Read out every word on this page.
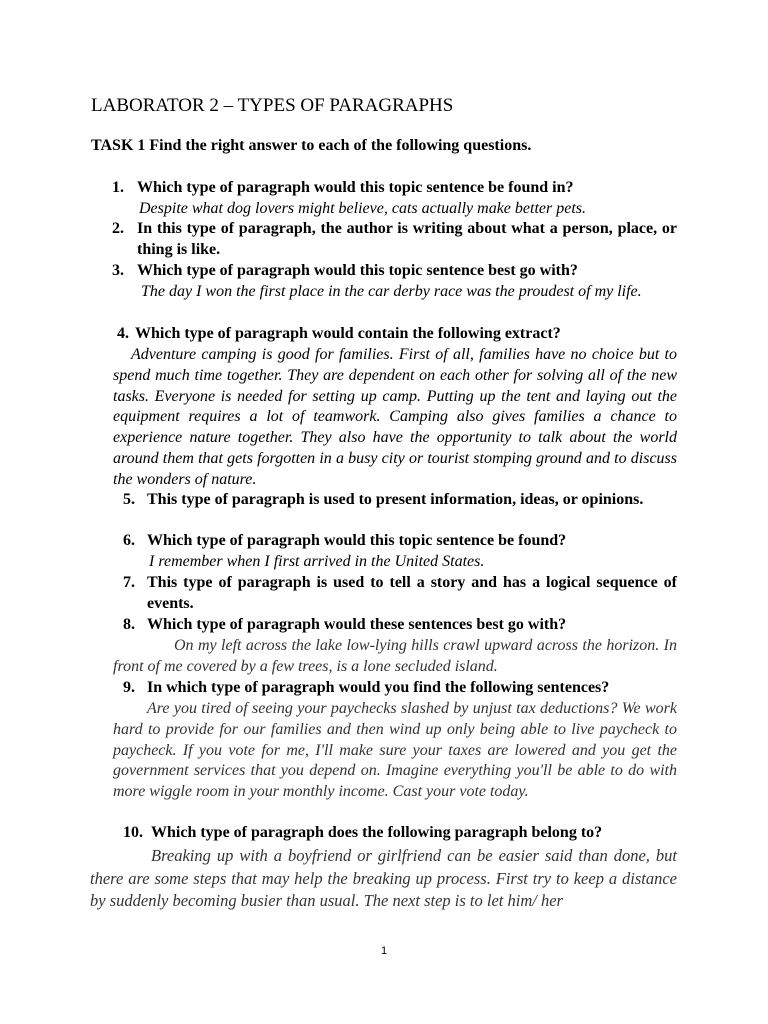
LABORATOR 2 – TYPES OF PARAGRAPHS
TASK 1 Find the right answer to each of the following questions.
1. Which type of paragraph would this topic sentence be found in?
Despite what dog lovers might believe, cats actually make better pets.
2. In this type of paragraph, the author is writing about what a person, place, or thing is like.
3. Which type of paragraph would this topic sentence best go with?
The day I won the first place in the car derby race was the proudest of my life.
4. Which type of paragraph would contain the following extract?
Adventure camping is good for families. First of all, families have no choice but to spend much time together. They are dependent on each other for solving all of the new tasks. Everyone is needed for setting up camp. Putting up the tent and laying out the equipment requires a lot of teamwork. Camping also gives families a chance to experience nature together. They also have the opportunity to talk about the world around them that gets forgotten in a busy city or tourist stomping ground and to discuss the wonders of nature.
5. This type of paragraph is used to present information, ideas, or opinions.
6. Which type of paragraph would this topic sentence be found?
I remember when I first arrived in the United States.
7. This type of paragraph is used to tell a story and has a logical sequence of events.
8. Which type of paragraph would these sentences best go with?
On my left across the lake low-lying hills crawl upward across the horizon. In front of me covered by a few trees, is a lone secluded island.
9. In which type of paragraph would you find the following sentences?
Are you tired of seeing your paychecks slashed by unjust tax deductions? We work hard to provide for our families and then wind up only being able to live paycheck to paycheck. If you vote for me, I'll make sure your taxes are lowered and you get the government services that you depend on. Imagine everything you'll be able to do with more wiggle room in your monthly income. Cast your vote today.
10. Which type of paragraph does the following paragraph belong to?
Breaking up with a boyfriend or girlfriend can be easier said than done, but there are some steps that may help the breaking up process. First try to keep a distance by suddenly becoming busier than usual. The next step is to let him/ her
1
